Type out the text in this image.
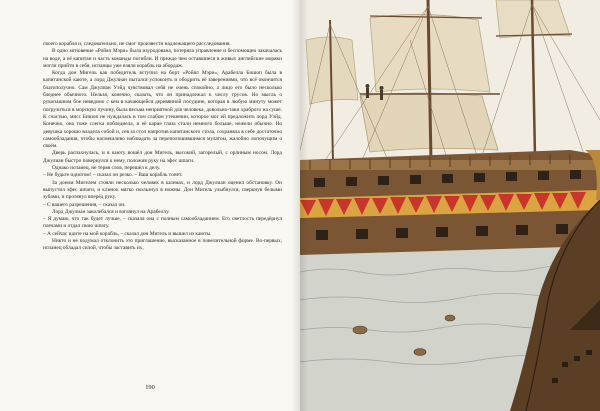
своего корабля и, следовательно, не смог произвести надлежащего расследования.

В одно мгновение «Ройял Мэри» была изуродована, потеряла управление и беспомощно закачалась на воде, а её капитан и часть команды погибли. И прежде чем оставшиеся в живых английские моряки могли прийти в себя, испанцы уже взяли корабль на абордаж.

Когда дон Мигель как победитель вступил на борт «Ройял Мэри», Арабелла Бишоп была в капитанской каюте, а лорд Джулиан пытался успокоить и ободрить её заверениями, что всё окончится благополучно. Сам Джулиан Уэйд чувствовал себя не очень спокойно, а лицо его было несколько бледнее обычного. Нельзя, конечно, сказать, что он принадлежал к числу трусов. Но мысль о рукопашном бое неведомо с кем в качающейся деревянной посудине, которая в любую минуту может погрузиться в морскую пучину, была весьма неприятной для человека, довольно-таки храброго на суше. К счастью, мисс Бишоп не нуждалась в том слабом утешении, которое мог ей предложить лорд Уэйд. Конечно, она тоже слегка побледнела, и её карие глаза стали немного больше, нежели обычно. Но девушка хорошо владела собой и, сев за стол напротив капитанского стола, сохраняла в себе достаточно самообладания, чтобы насмешливо наблюдать за переполошившимся мулатом, жалобно лопочущим о своём.

Дверь распахнулась, и в каюту вошёл дон Мигель, высокий, загорелый, с орлиным носом. Лорд Джулиан быстро повернулся к нему, положив руку на эфес шпаги.

Однако испанец, не теряя слов, перешёл к делу.

– Не будьте идиотом! – сказал он резко. – Ваш корабль тонет.

За доном Мигелем стояли несколько человек в шлемах, и лорд Джулиан оценил обстановку. Он выпустил эфес шпаги, и клинок мягко скользнул в ножны. Дон Мигель улыбнулся, сверкнув белыми зубами, и протянул вперёд руку.

– С вашего разрешения, – сказал он.

Лорд Джулиан заколебался и взглянул на Арабеллу.

– Я думаю, что так будет лучше, – сказала она с полным самообладанием. Его светлость передёрнул плечами и отдал свою шпагу.

– А сейчас идите на мой корабль, – сказал дон Мигель и вышел из каюты.

Никто и не подумал отклонить это приглашение, высказанное в повелительной форме. Во-первых, испанец обладал силой, чтобы заставить их,

190
